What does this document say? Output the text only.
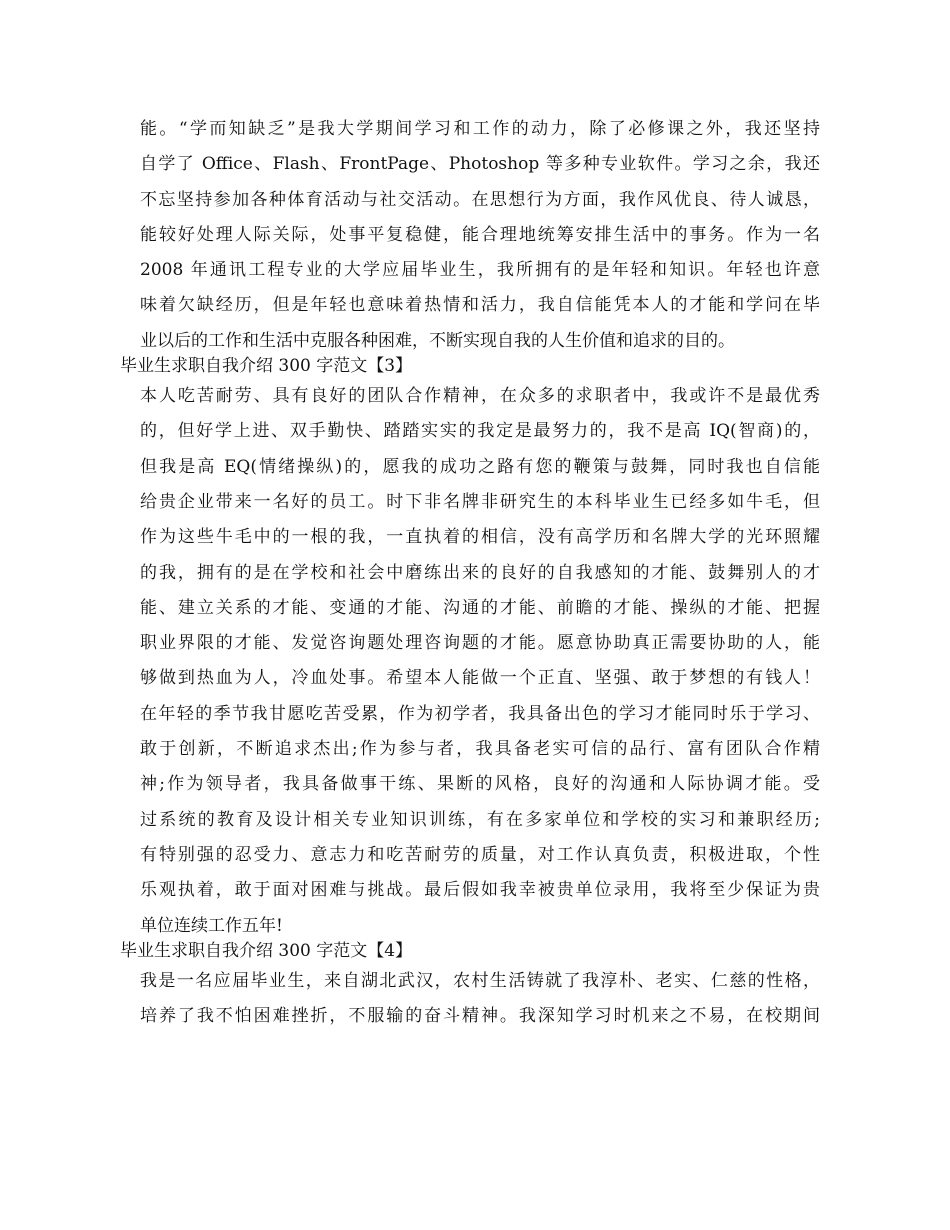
能。“学而知缺乏”是我大学期间学习和工作的动力，除了必修课之外，我还坚持
自学了 Office、Flash、FrontPage、Photoshop 等多种专业软件。学习之余，我还
不忘坚持参加各种体育活动与社交活动。在思想行为方面，我作风优良、待人诚恳，
能较好处理人际关际，处事平复稳健，能合理地统筹安排生活中的事务。作为一名
2008 年通讯工程专业的大学应届毕业生，我所拥有的是年轻和知识。年轻也许意
味着欠缺经历，但是年轻也意味着热情和活力，我自信能凭本人的才能和学问在毕
业以后的工作和生活中克服各种困难，不断实现自我的人生价值和追求的目的。
毕业生求职自我介绍 300 字范文【3】
本人吃苦耐劳、具有良好的团队合作精神，在众多的求职者中，我或许不是最优秀
的，但好学上进、双手勤快、踏踏实实的我定是最努力的，我不是高 IQ(智商)的，
但我是高 EQ(情绪操纵)的，愿我的成功之路有您的鞭策与鼓舞，同时我也自信能
给贵企业带来一名好的员工。时下非名牌非研究生的本科毕业生已经多如牛毛，但
作为这些牛毛中的一根的我，一直执着的相信，没有高学历和名牌大学的光环照耀
的我，拥有的是在学校和社会中磨练出来的良好的自我感知的才能、鼓舞别人的才
能、建立关系的才能、变通的才能、沟通的才能、前瞻的才能、操纵的才能、把握
职业界限的才能、发觉咨询题处理咨询题的才能。愿意协助真正需要协助的人，能
够做到热血为人，冷血处事。希望本人能做一个正直、坚强、敢于梦想的有钱人！
在年轻的季节我甘愿吃苦受累，作为初学者，我具备出色的学习才能同时乐于学习、
敢于创新，不断追求杰出;作为参与者，我具备老实可信的品行、富有团队合作精
神;作为领导者，我具备做事干练、果断的风格，良好的沟通和人际协调才能。受
过系统的教育及设计相关专业知识训练，有在多家单位和学校的实习和兼职经历;
有特别强的忍受力、意志力和吃苦耐劳的质量，对工作认真负责，积极进取，个性
乐观执着，敢于面对困难与挑战。最后假如我幸被贵单位录用，我将至少保证为贵
单位连续工作五年!
毕业生求职自我介绍 300 字范文【4】
我是一名应届毕业生，来自湖北武汉，农村生活铸就了我淳朴、老实、仁慈的性格，
培养了我不怕困难挫折，不服输的奋斗精神。我深知学习时机来之不易，在校期间
